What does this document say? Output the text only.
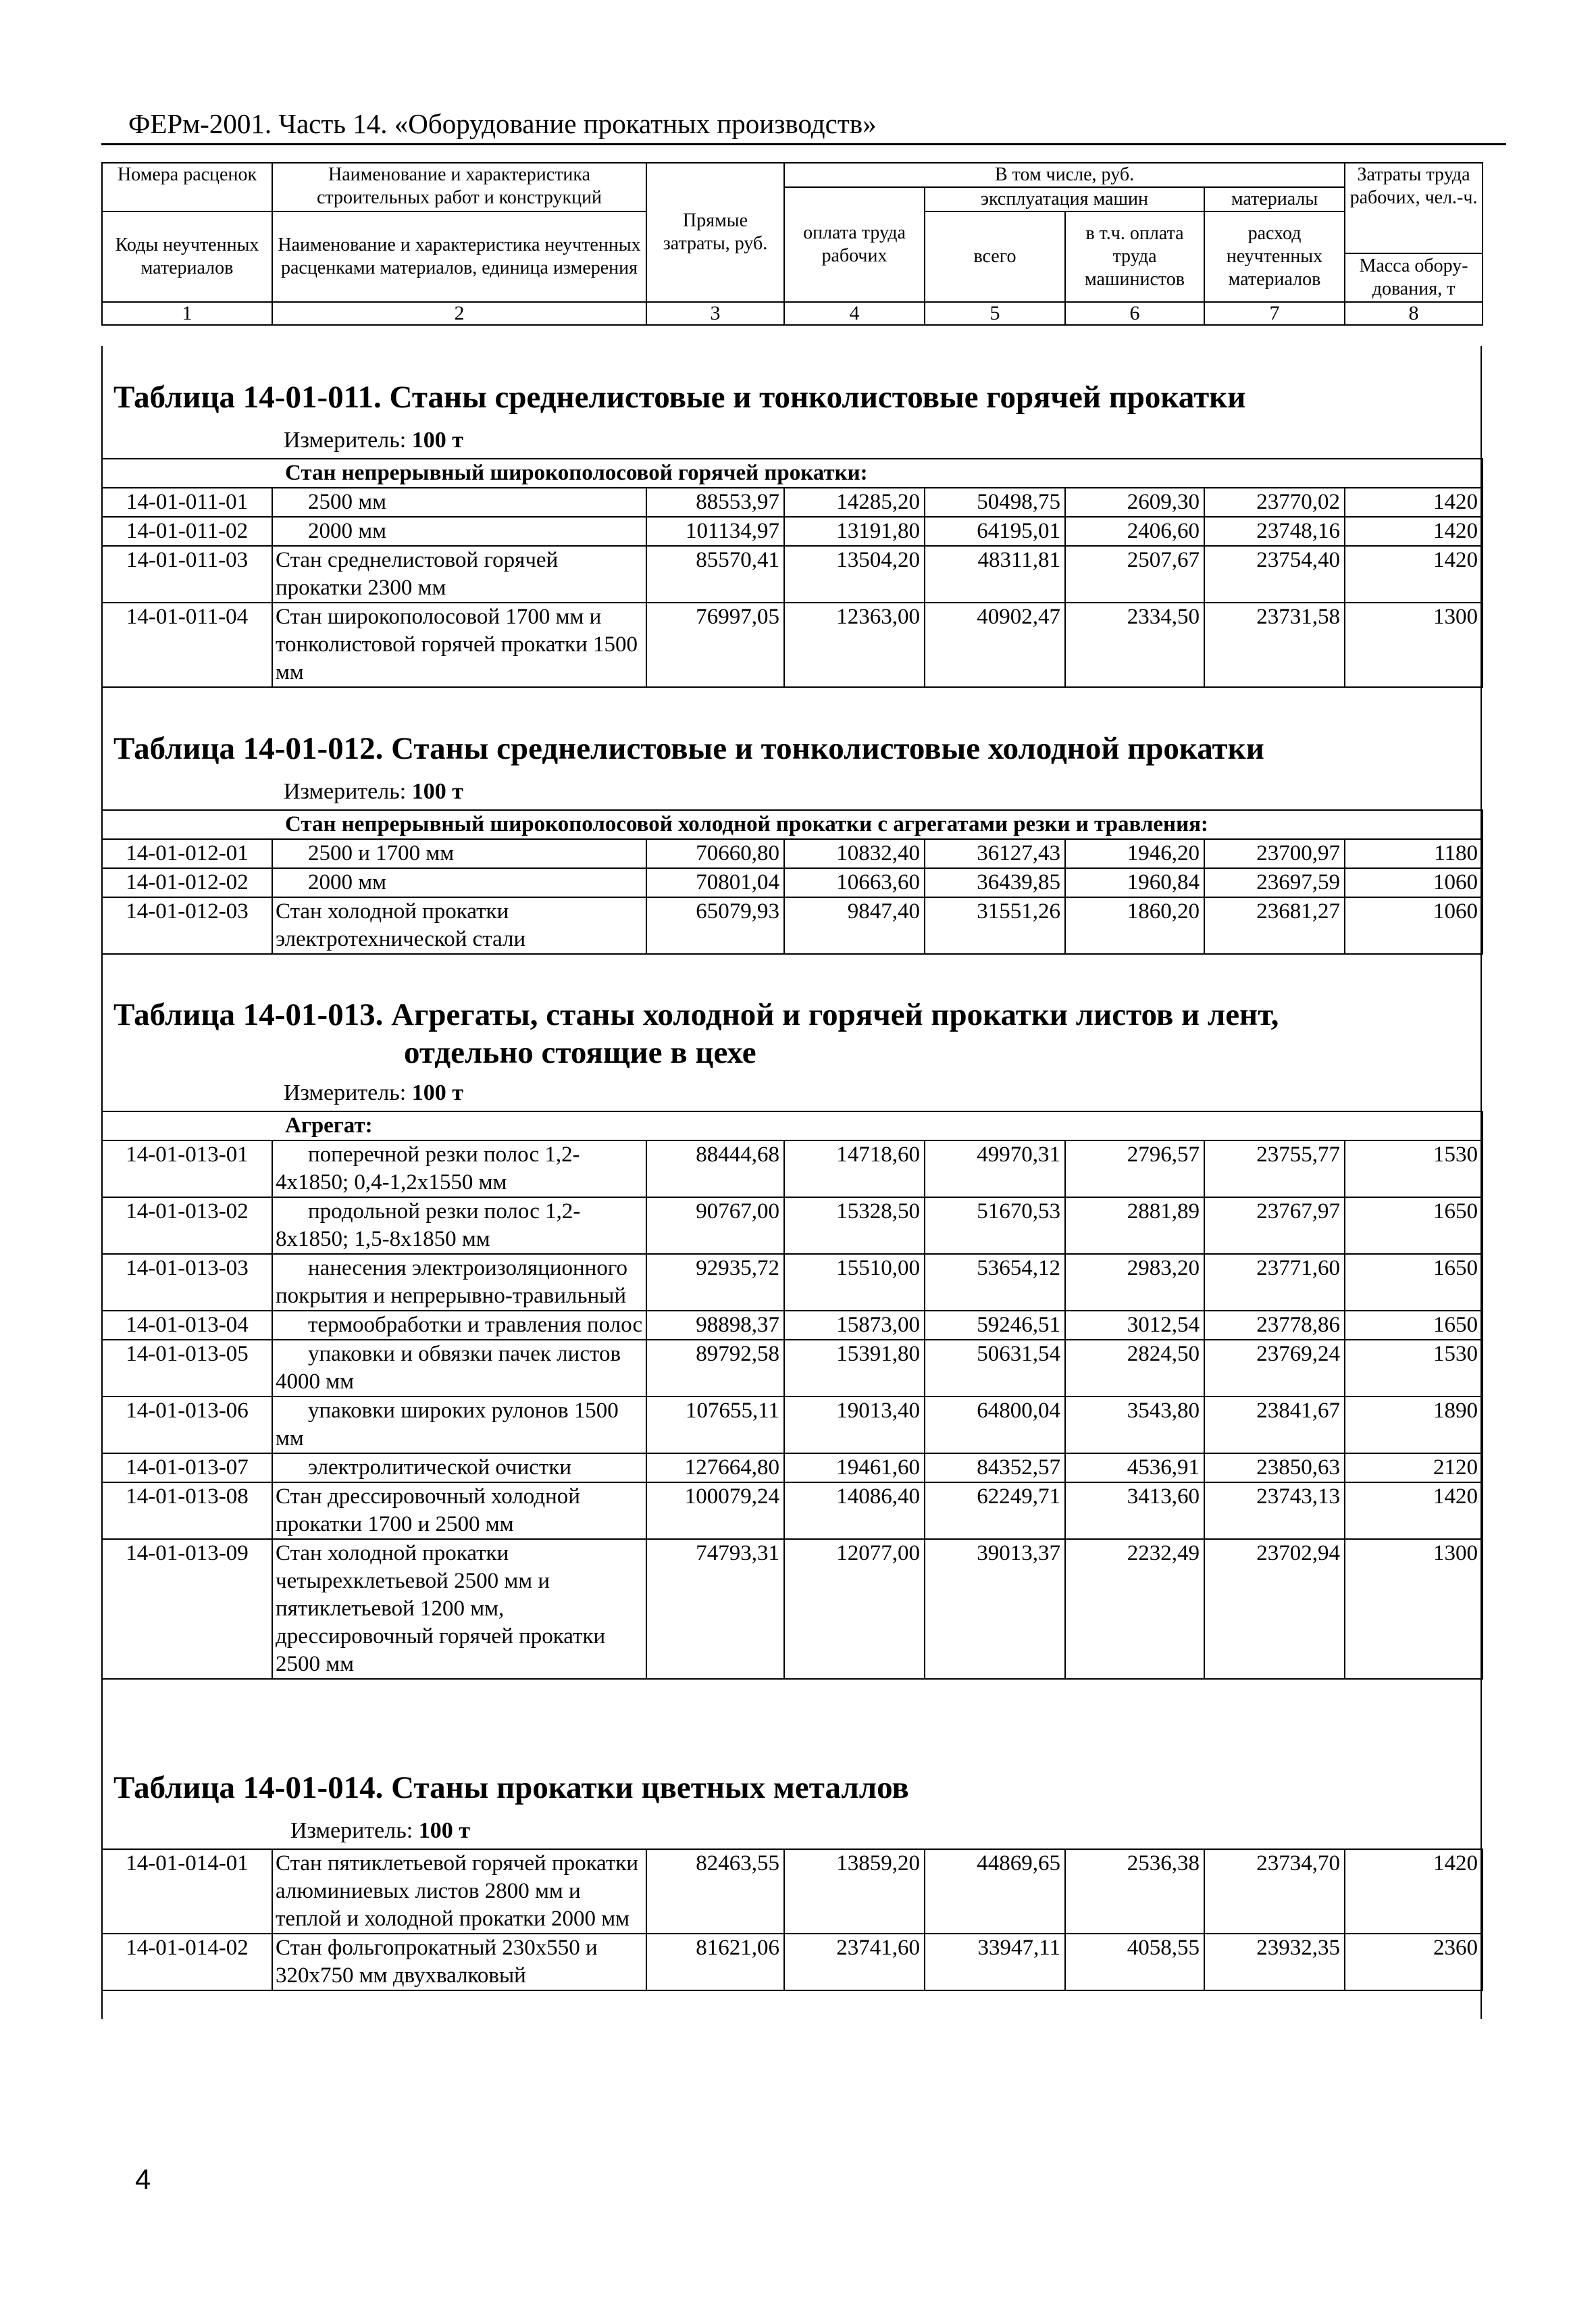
ФЕРм-2001. Часть 14. «Оборудование прокатных производств»
Номера расценок	Наименование и характеристика строительных работ и конструкций	Прямые затраты, руб.	В том числе, руб.				Затраты труда рабочих, чел.-ч.
			оплата труда рабочих	эксплуатация машин		материалы	
Коды неучтенных материалов	Наименование и характеристика неучтенных расценками материалов, единица измерения			всего	в т.ч. оплата труда машинистов	расход неучтенных материалов	
							Масса обору-дования, т
1	2	3	4	5	6	7	8
Таблица 14-01-011. Станы среднелистовые и тонколистовые горячей прокатки
Измеритель: 100 т
Стан непрерывный широкополосовой горячей прокатки:							
14-01-011-01	2500 мм	88553,97	14285,20	50498,75	2609,30	23770,02	1420
14-01-011-02	2000 мм	101134,97	13191,80	64195,01	2406,60	23748,16	1420
14-01-011-03	Стан среднелистовой горячей прокатки 2300 мм	85570,41	13504,20	48311,81	2507,67	23754,40	1420
14-01-011-04	Стан широкополосовой 1700 мм и тонколистовой горячей прокатки 1500 мм	76997,05	12363,00	40902,47	2334,50	23731,58	1300
Таблица 14-01-012. Станы среднелистовые и тонколистовые холодной прокатки
Измеритель: 100 т
Стан непрерывный широкополосовой холодной прокатки с агрегатами резки и травления:							
14-01-012-01	2500 и 1700 мм	70660,80	10832,40	36127,43	1946,20	23700,97	1180
14-01-012-02	2000 мм	70801,04	10663,60	36439,85	1960,84	23697,59	1060
14-01-012-03	Стан холодной прокатки электротехнической стали	65079,93	9847,40	31551,26	1860,20	23681,27	1060
Таблица 14-01-013. Агрегаты, станы холодной и горячей прокатки листов и лент,
отдельно стоящие в цехе
Измеритель: 100 т
Агрегат:							
14-01-013-01	поперечной резки полос 1,2-4х1850; 0,4-1,2х1550 мм	88444,68	14718,60	49970,31	2796,57	23755,77	1530
14-01-013-02	продольной резки полос 1,2-8х1850; 1,5-8х1850 мм	90767,00	15328,50	51670,53	2881,89	23767,97	1650
14-01-013-03	нанесения электроизоляционного покрытия и непрерывно-травильный	92935,72	15510,00	53654,12	2983,20	23771,60	1650
14-01-013-04	термообработки и травления полос	98898,37	15873,00	59246,51	3012,54	23778,86	1650
14-01-013-05	упаковки и обвязки пачек листов 4000 мм	89792,58	15391,80	50631,54	2824,50	23769,24	1530
14-01-013-06	упаковки широких рулонов 1500 мм	107655,11	19013,40	64800,04	3543,80	23841,67	1890
14-01-013-07	электролитической очистки	127664,80	19461,60	84352,57	4536,91	23850,63	2120
14-01-013-08	Стан дрессировочный холодной прокатки 1700 и 2500 мм	100079,24	14086,40	62249,71	3413,60	23743,13	1420
14-01-013-09	Стан холодной прокатки четырехклетьевой 2500 мм и пятиклетьевой 1200 мм, дрессировочный горячей прокатки 2500 мм	74793,31	12077,00	39013,37	2232,49	23702,94	1300
Таблица 14-01-014. Станы прокатки цветных металлов
Измеритель: 100 т
14-01-014-01	Стан пятиклетьевой горячей прокатки алюминиевых листов 2800 мм и теплой и холодной прокатки 2000 мм	82463,55	13859,20	44869,65	2536,38	23734,70	1420
14-01-014-02	Стан фольгопрокатный 230х550 и 320х750 мм двухвалковый	81621,06	23741,60	33947,11	4058,55	23932,35	2360
4
